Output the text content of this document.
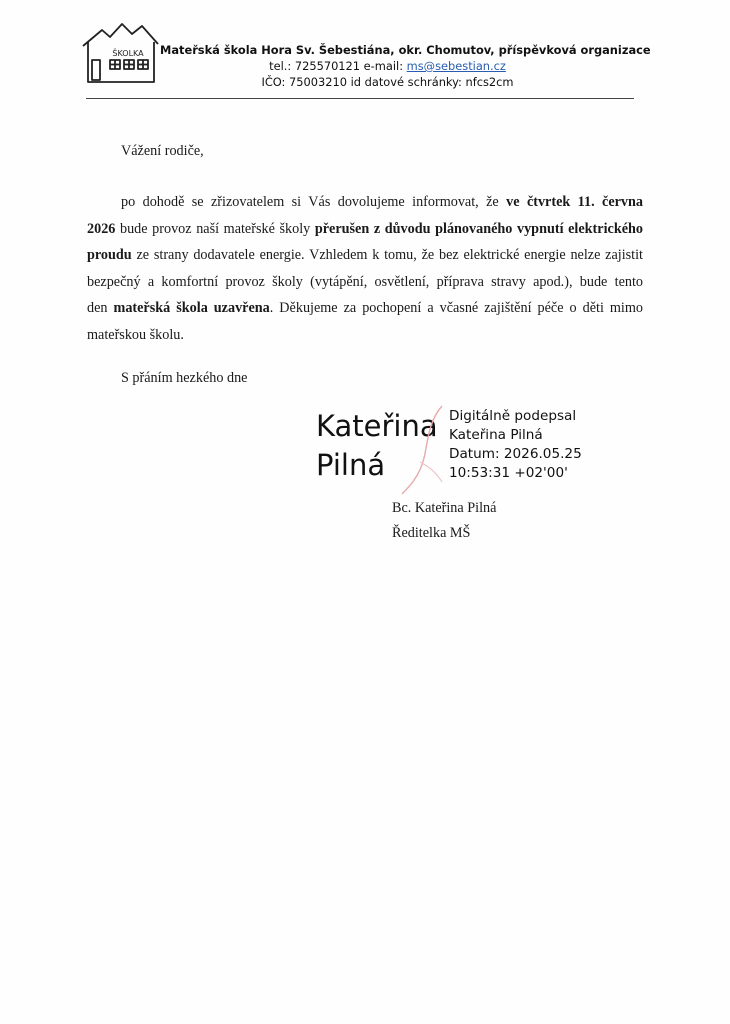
ŠKOLKA Mateřská škola Hora Sv. Šebestiána, okr. Chomutov, příspěvková organizace
tel.: 725570121 e-mail: ms@sebestian.cz
IČO: 75003210 id datové schránky: nfcs2cm
Vážení rodiče,
po dohodě se zřizovatelem si Vás dovolujeme informovat, že ve čtvrtek 11. června
2026 bude provoz naší mateřské školy přerušen z důvodu plánovaného vypnutí elektrického
proudu ze strany dodavatele energie. Vzhledem k tomu, že bez elektrické energie nelze zajistit
bezpečný a komfortní provoz školy (vytápění, osvětlení, příprava stravy apod.), bude tento
den mateřská škola uzavřena. Děkujeme za pochopení a včasné zajištění péče o děti mimo
mateřskou školu.
S přáním hezkého dne
Kateřina
Pilná
Digitálně podepsal
Kateřina Pilná
Datum: 2026.05.25
10:53:31 +02'00'
Bc. Kateřina Pilná
Ředitelka MŠ
